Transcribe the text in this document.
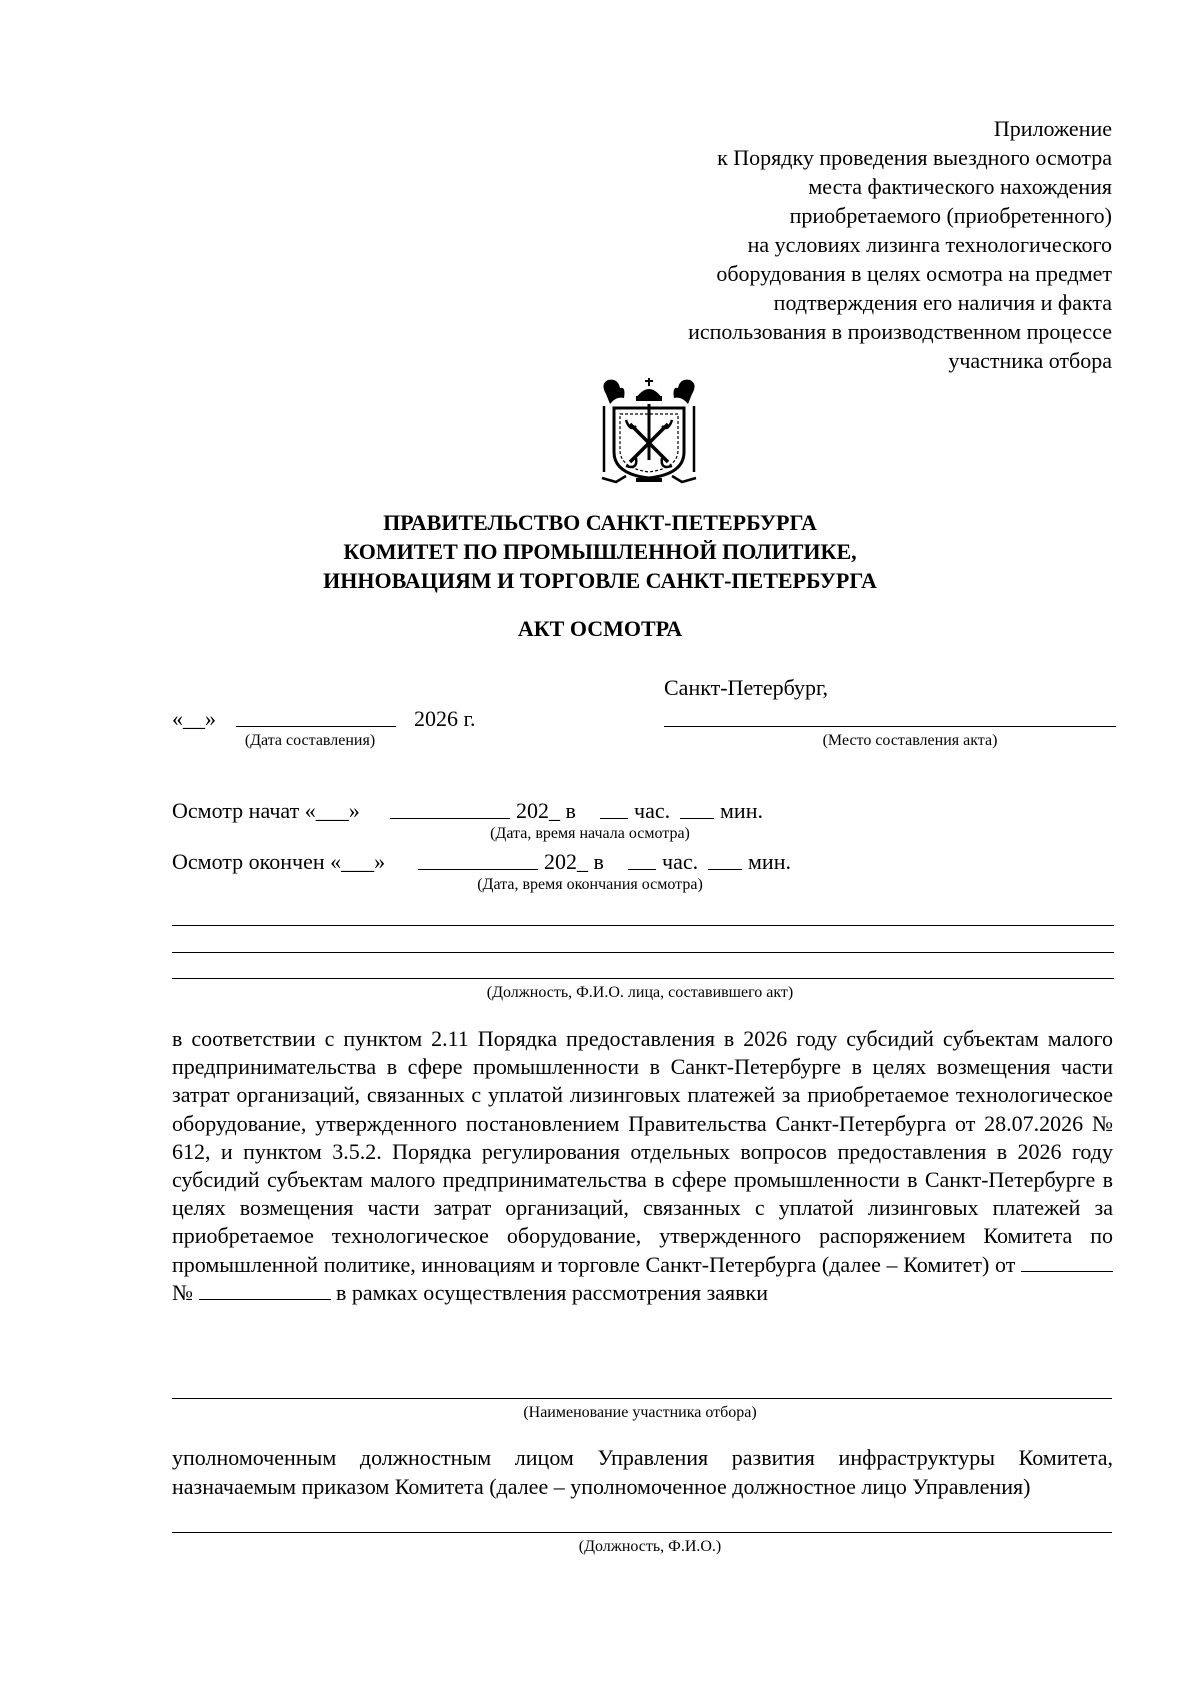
Приложение
к Порядку проведения выездного осмотра
места фактического нахождения
приобретаемого (приобретенного)
на условиях лизинга технологического
оборудования в целях осмотра на предмет
подтверждения его наличия и факта
использования в производственном процессе
участника отбора
ПРАВИТЕЛЬСТВО САНКТ-ПЕТЕРБУРГА
КОМИТЕТ ПО ПРОМЫШЛЕННОЙ ПОЛИТИКЕ,
ИННОВАЦИЯМ И ТОРГОВЛЕ САНКТ-ПЕТЕРБУРГА
АКТ ОСМОТРА
Санкт-Петербург,
«__»	2026 г.
(Дата составления)	(Место составления акта)
Осмотр начат «___»	202_ в	час. мин.
(Дата, время начала осмотра)
Осмотр окончен «___»	202_ в	час. мин.
(Дата, время окончания осмотра)
(Должность, Ф.И.О. лица, составившего акт)
в соответствии с пунктом 2.11 Порядка предоставления в 2026 году субсидий субъектам малого предпринимательства в сфере промышленности в Санкт-Петербурге в целях возмещения части затрат организаций, связанных с уплатой лизинговых платежей за приобретаемое технологическое оборудование, утвержденного постановлением Правительства Санкт-Петербурга от 28.07.2026 № 612, и пунктом 3.5.2. Порядка регулирования отдельных вопросов предоставления в 2026 году субсидий субъектам малого предпринимательства в сфере промышленности в Санкт-Петербурге в целях возмещения части затрат организаций, связанных с уплатой лизинговых платежей за приобретаемое технологическое оборудование, утвержденного распоряжением Комитета по промышленной политике, инновациям и торговле Санкт-Петербурга (далее – Комитет) от  №	в рамках осуществления рассмотрения заявки
(Наименование участника отбора)
уполномоченным должностным лицом Управления развития инфраструктуры Комитета, назначаемым приказом Комитета (далее – уполномоченное должностное лицо Управления)
(Должность, Ф.И.О.)
